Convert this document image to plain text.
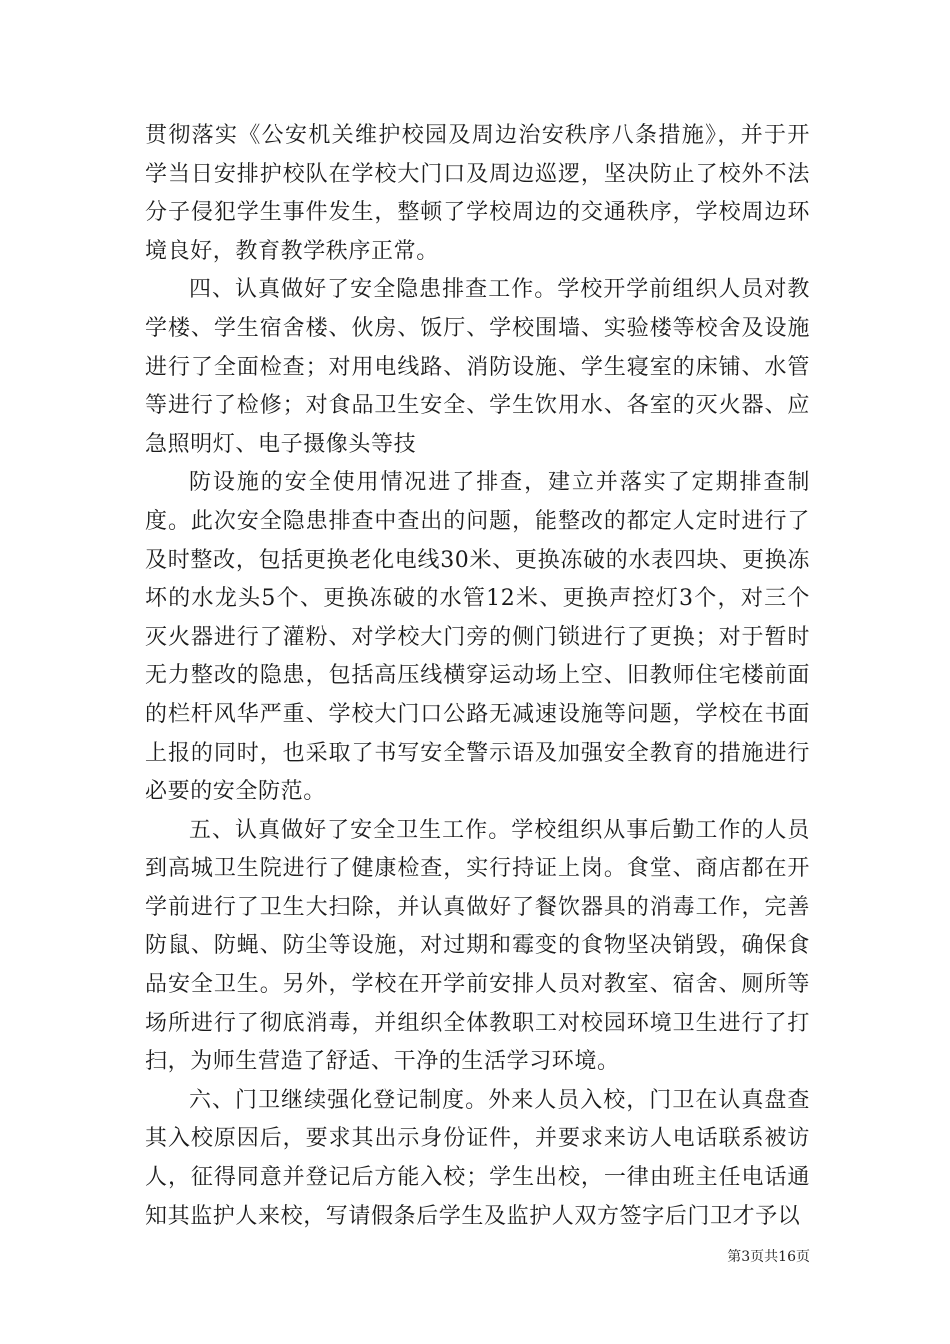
贯彻落实《公安机关维护校园及周边治安秩序八条措施》，并于开学当日安排护校队在学校大门口及周边巡逻，坚决防止了校外不法分子侵犯学生事件发生，整顿了学校周边的交通秩序，学校周边环境良好，教育教学秩序正常。

四、认真做好了安全隐患排查工作。学校开学前组织人员对教学楼、学生宿舍楼、伙房、饭厅、学校围墙、实验楼等校舍及设施进行了全面检查；对用电线路、消防设施、学生寝室的床铺、水管等进行了检修；对食品卫生安全、学生饮用水、各室的灭火器、应急照明灯、电子摄像头等技

防设施的安全使用情况进了排查，建立并落实了定期排查制度。此次安全隐患排查中查出的问题，能整改的都定人定时进行了及时整改，包括更换老化电线30米、更换冻破的水表四块、更换冻坏的水龙头5个、更换冻破的水管12米、更换声控灯3个，对三个灭火器进行了灌粉、对学校大门旁的侧门锁进行了更换；对于暂时无力整改的隐患，包括高压线横穿运动场上空、旧教师住宅楼前面的栏杆风华严重、学校大门口公路无减速设施等问题，学校在书面上报的同时，也采取了书写安全警示语及加强安全教育的措施进行必要的安全防范。

五、认真做好了安全卫生工作。学校组织从事后勤工作的人员到高城卫生院进行了健康检查，实行持证上岗。食堂、商店都在开学前进行了卫生大扫除，并认真做好了餐饮器具的消毒工作，完善防鼠、防蝇、防尘等设施，对过期和霉变的食物坚决销毁，确保食品安全卫生。另外，学校在开学前安排人员对教室、宿舍、厕所等场所进行了彻底消毒，并组织全体教职工对校园环境卫生进行了打扫，为师生营造了舒适、干净的生活学习环境。

六、门卫继续强化登记制度。外来人员入校，门卫在认真盘查其入校原因后，要求其出示身份证件，并要求来访人电话联系被访人，征得同意并登记后方能入校；学生出校，一律由班主任电话通知其监护人来校，写请假条后学生及监护人双方签字后门卫才予以

第3页共16页
